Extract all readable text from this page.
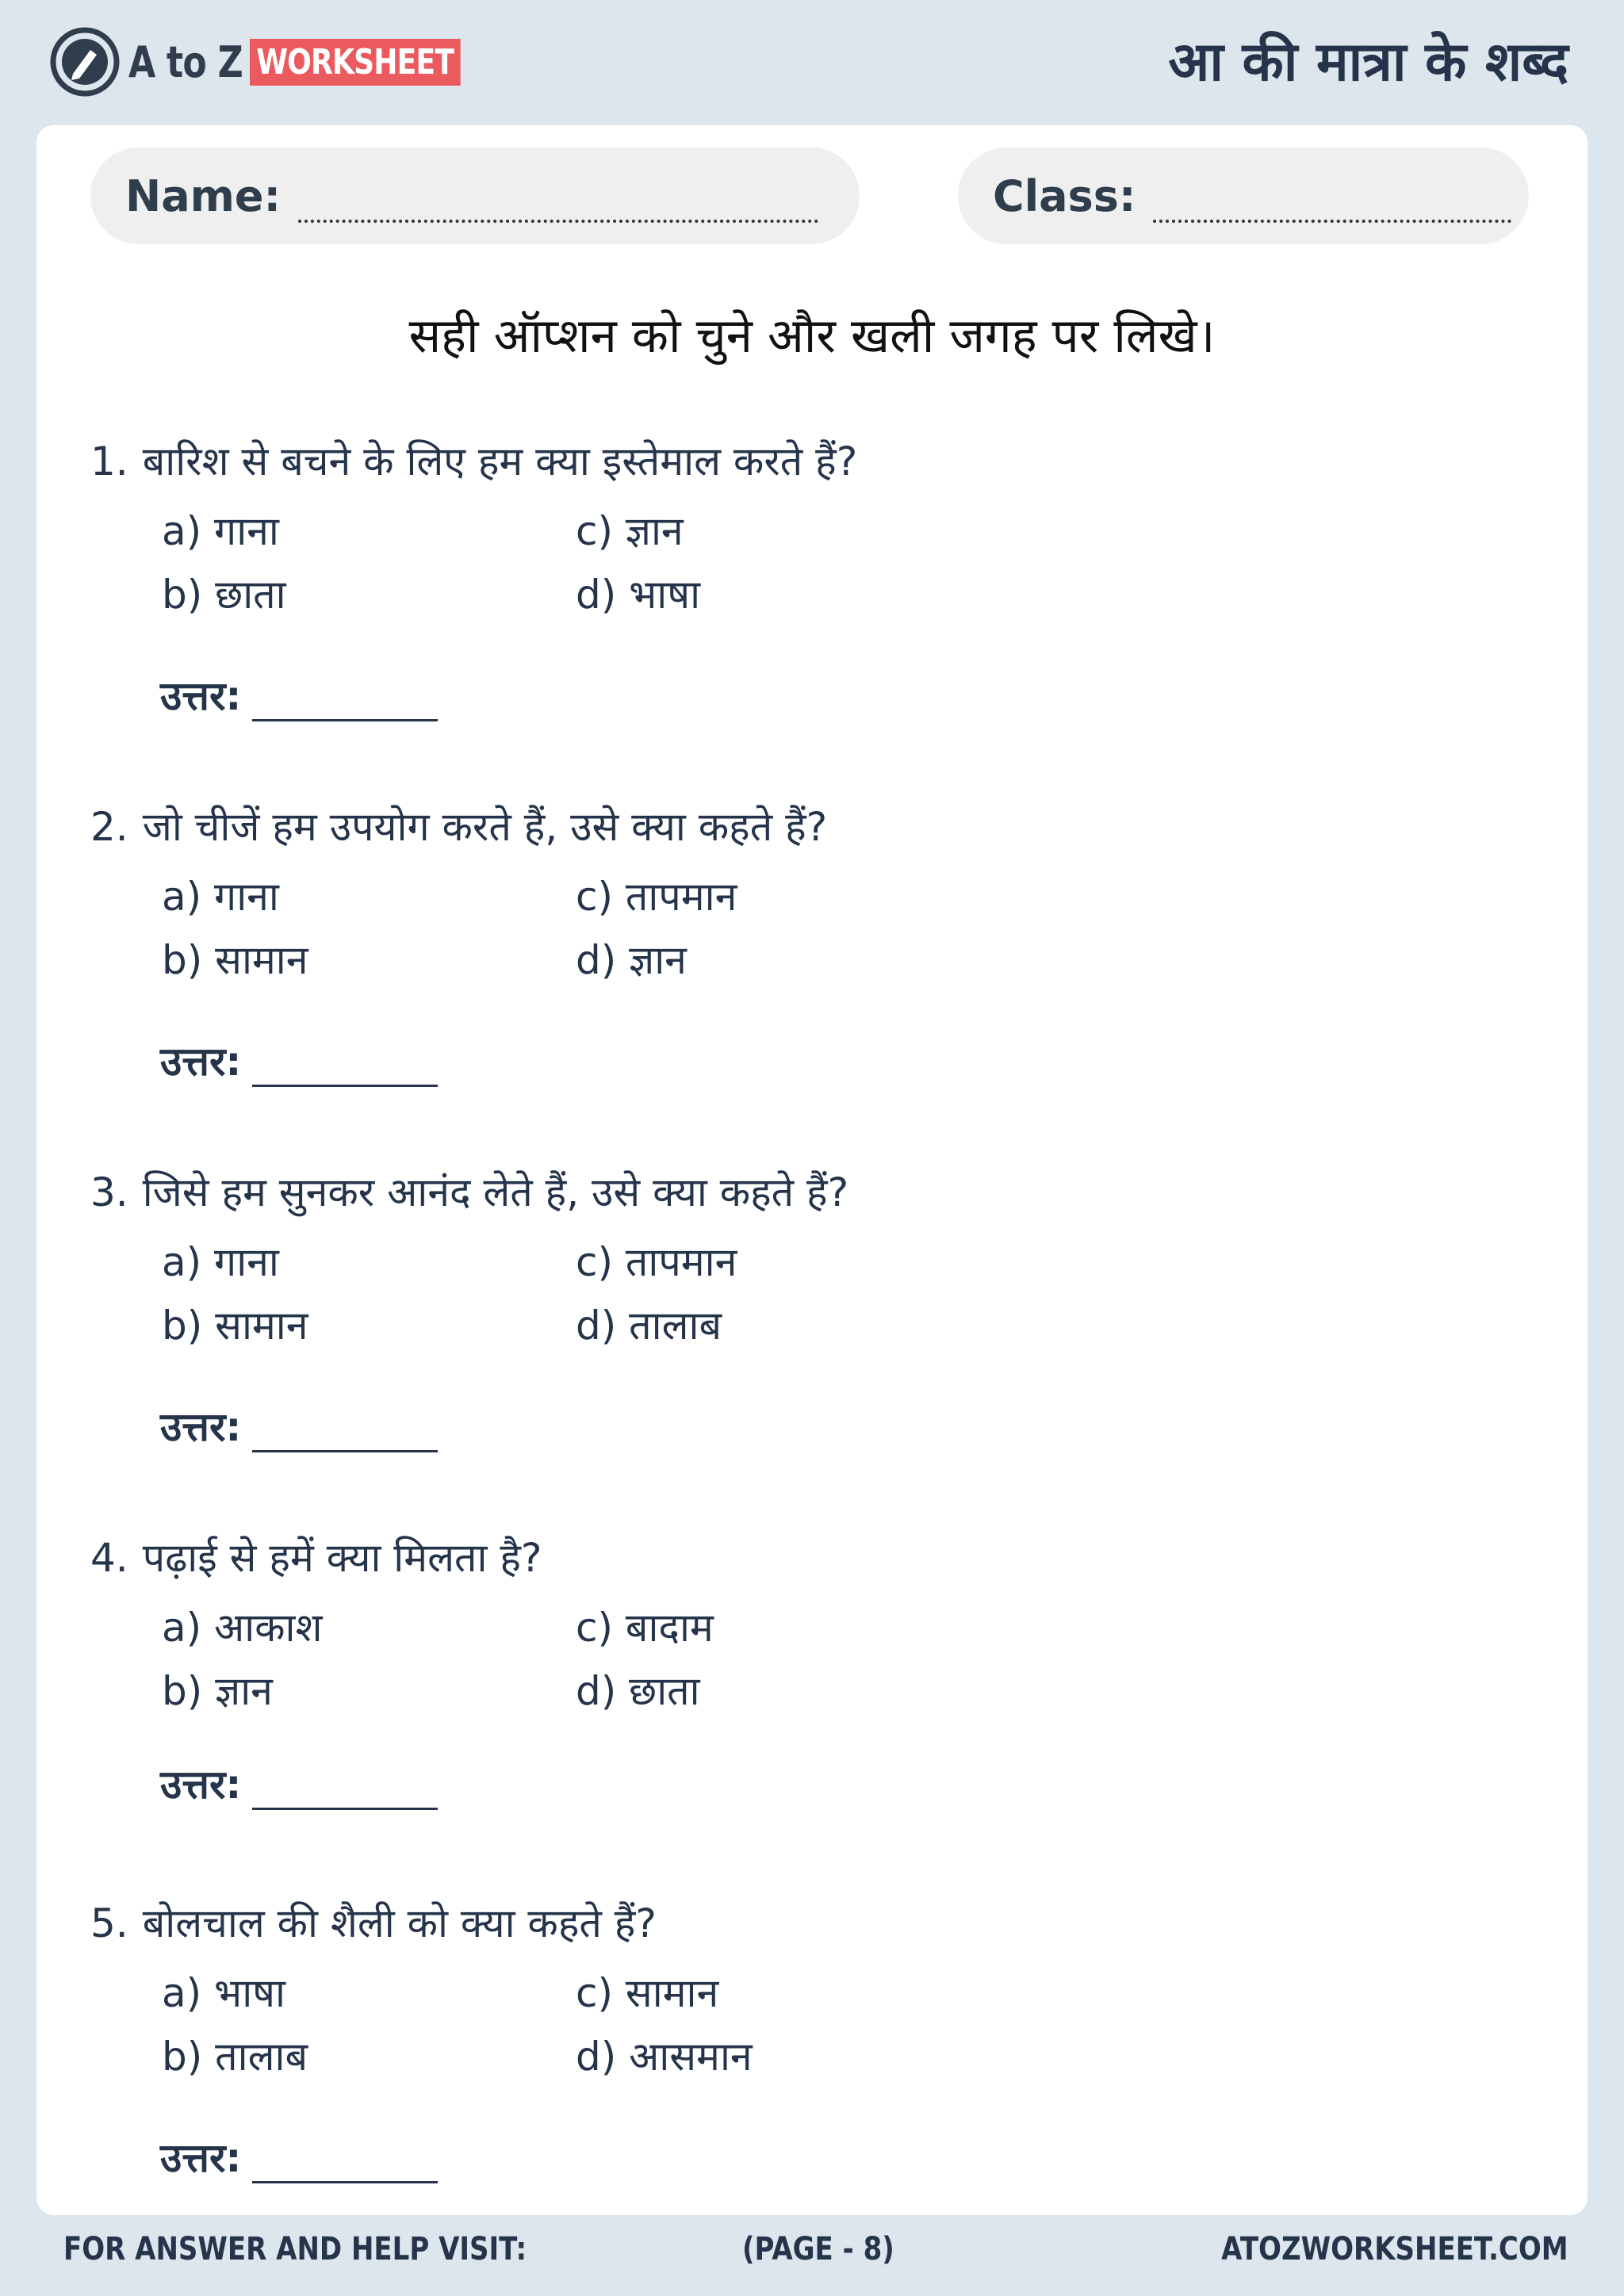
A to Z WORKSHEET	आ की मात्रा के शब्द
Name:	Class:
सही ऑप्शन को चुने और खली जगह पर लिखे।
1. बारिश से बचने के लिए हम क्या इस्तेमाल करते हैं?
a) गाना
b) छाता
c) ज्ञान
d) भाषा
उत्तर:
2. जो चीजें हम उपयोग करते हैं, उसे क्या कहते हैं?
a) गाना
b) सामान
c) तापमान
d) ज्ञान
उत्तर:
3. जिसे हम सुनकर आनंद लेते हैं, उसे क्या कहते हैं?
a) गाना
b) सामान
c) तापमान
d) तालाब
उत्तर:
4. पढ़ाई से हमें क्या मिलता है?
a) आकाश
b) ज्ञान
c) बादाम
d) छाता
उत्तर:
5. बोलचाल की शैली को क्या कहते हैं?
a) भाषा
b) तालाब
c) सामान
d) आसमान
उत्तर:
FOR ANSWER AND HELP VISIT:	(PAGE - 8)	ATOZWORKSHEET.COM
